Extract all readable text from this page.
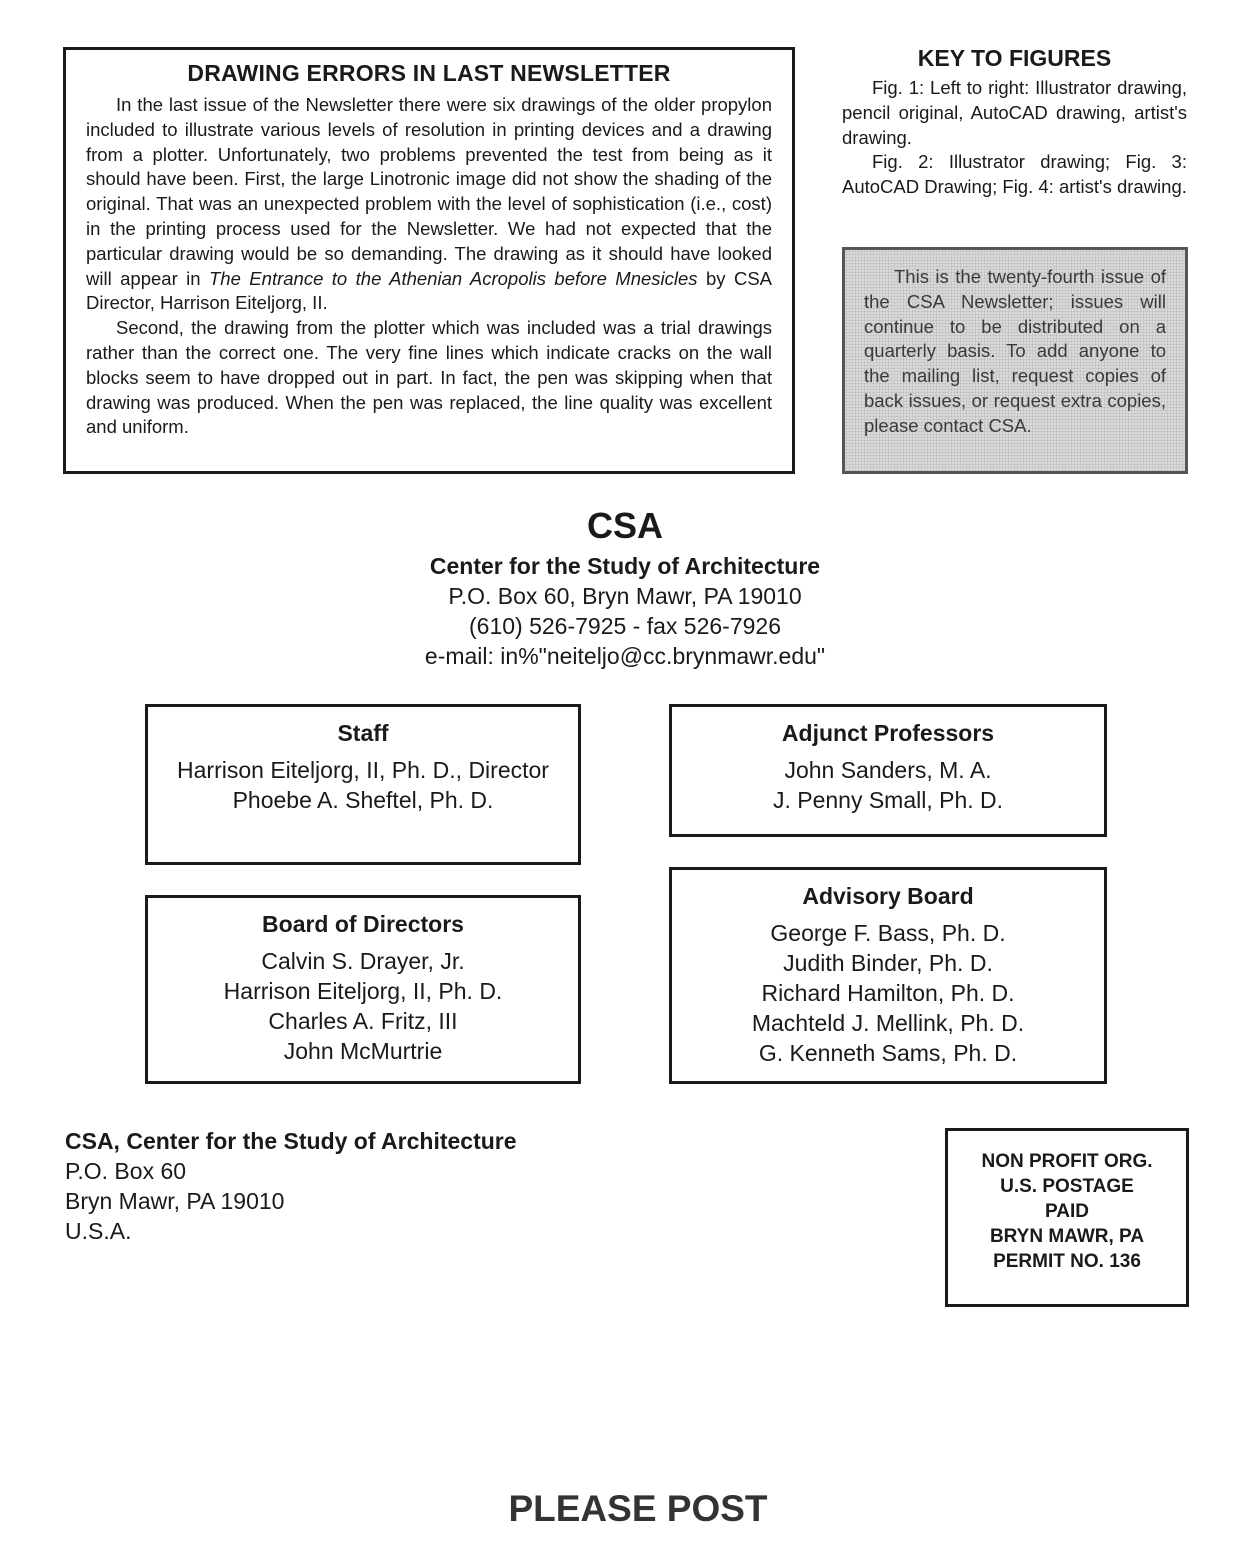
DRAWING ERRORS IN LAST NEWSLETTER

In the last issue of the Newsletter there were six drawings of the older propylon included to illustrate various levels of resolution in printing devices and a drawing from a plotter. Unfortunately, two problems prevented the test from being as it should have been. First, the large Linotronic image did not show the shading of the original. That was an unexpected problem with the level of sophistication (i.e., cost) in the printing process used for the Newsletter. We had not expected that the particular drawing would be so demanding. The drawing as it should have looked will appear in The Entrance to the Athenian Acropolis before Mnesicles by CSA Director, Harrison Eiteljorg, II.

Second, the drawing from the plotter which was included was a trial drawings rather than the correct one. The very fine lines which indicate cracks on the wall blocks seem to have dropped out in part. In fact, the pen was skipping when that drawing was produced. When the pen was replaced, the line quality was excellent and uniform.

KEY TO FIGURES

Fig. 1: Left to right: Illustrator drawing, pencil original, AutoCAD drawing, artist's drawing.

Fig. 2: Illustrator drawing; Fig. 3: AutoCAD Drawing; Fig. 4: artist's drawing.

This is the twenty-fourth issue of the CSA Newsletter; issues will continue to be distributed on a quarterly basis. To add anyone to the mailing list, request copies of back issues, or request extra copies, please contact CSA.

CSA
Center for the Study of Architecture
P.O. Box 60, Bryn Mawr, PA 19010
(610) 526-7925 - fax 526-7926
e-mail: in%"neiteljo@cc.brynmawr.edu"
Staff
Harrison Eiteljorg, II, Ph. D., Director
Phoebe A. Sheftel, Ph. D.
Adjunct Professors
John Sanders, M. A.
J. Penny Small, Ph. D.
Board of Directors
Calvin S. Drayer, Jr.
Harrison Eiteljorg, II, Ph. D.
Charles A. Fritz, III
John McMurtrie
Advisory Board
George F. Bass, Ph. D.
Judith Binder, Ph. D.
Richard Hamilton, Ph. D.
Machteld J. Mellink, Ph. D.
G. Kenneth Sams, Ph. D.
CSA, Center for the Study of Architecture
P.O. Box 60
Bryn Mawr, PA 19010
U.S.A.
NON PROFIT ORG.
U.S. POSTAGE
PAID
BRYN MAWR, PA
PERMIT NO. 136
PLEASE POST
